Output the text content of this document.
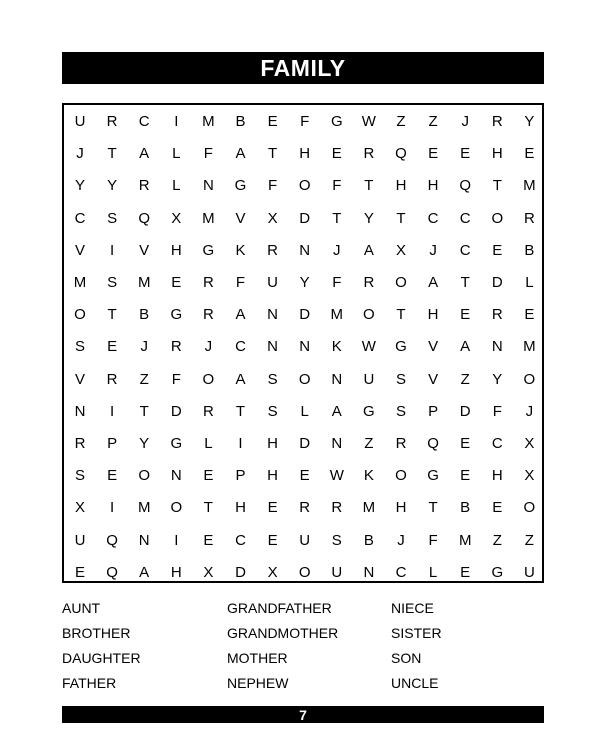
FAMILY
U	R	C	I	M	B	E	F	G	W	Z	Z	J	R	Y
J	T	A	L	F	A	T	H	E	R	Q	E	E	H	E
Y	Y	R	L	N	G	F	O	F	T	H	H	Q	T	M
C	S	Q	X	M	V	X	D	T	Y	T	C	C	O	R
V	I	V	H	G	K	R	N	J	A	X	J	C	E	B
M	S	M	E	R	F	U	Y	F	R	O	A	T	D	L
O	T	B	G	R	A	N	D	M	O	T	H	E	R	E
S	E	J	R	J	C	N	N	K	W	G	V	A	N	M
V	R	Z	F	O	A	S	O	N	U	S	V	Z	Y	O
N	I	T	D	R	T	S	L	A	G	S	P	D	F	J
R	P	Y	G	L	I	H	D	N	Z	R	Q	E	C	X
S	E	O	N	E	P	H	E	W	K	O	G	E	H	X
X	I	M	O	T	H	E	R	R	M	H	T	B	E	O
U	Q	N	I	E	C	E	U	S	B	J	F	M	Z	Z
E	Q	A	H	X	D	X	O	U	N	C	L	E	G	U
AUNT
BROTHER
DAUGHTER
FATHER
GRANDFATHER
GRANDMOTHER
MOTHER
NEPHEW
NIECE
SISTER
SON
UNCLE
7
